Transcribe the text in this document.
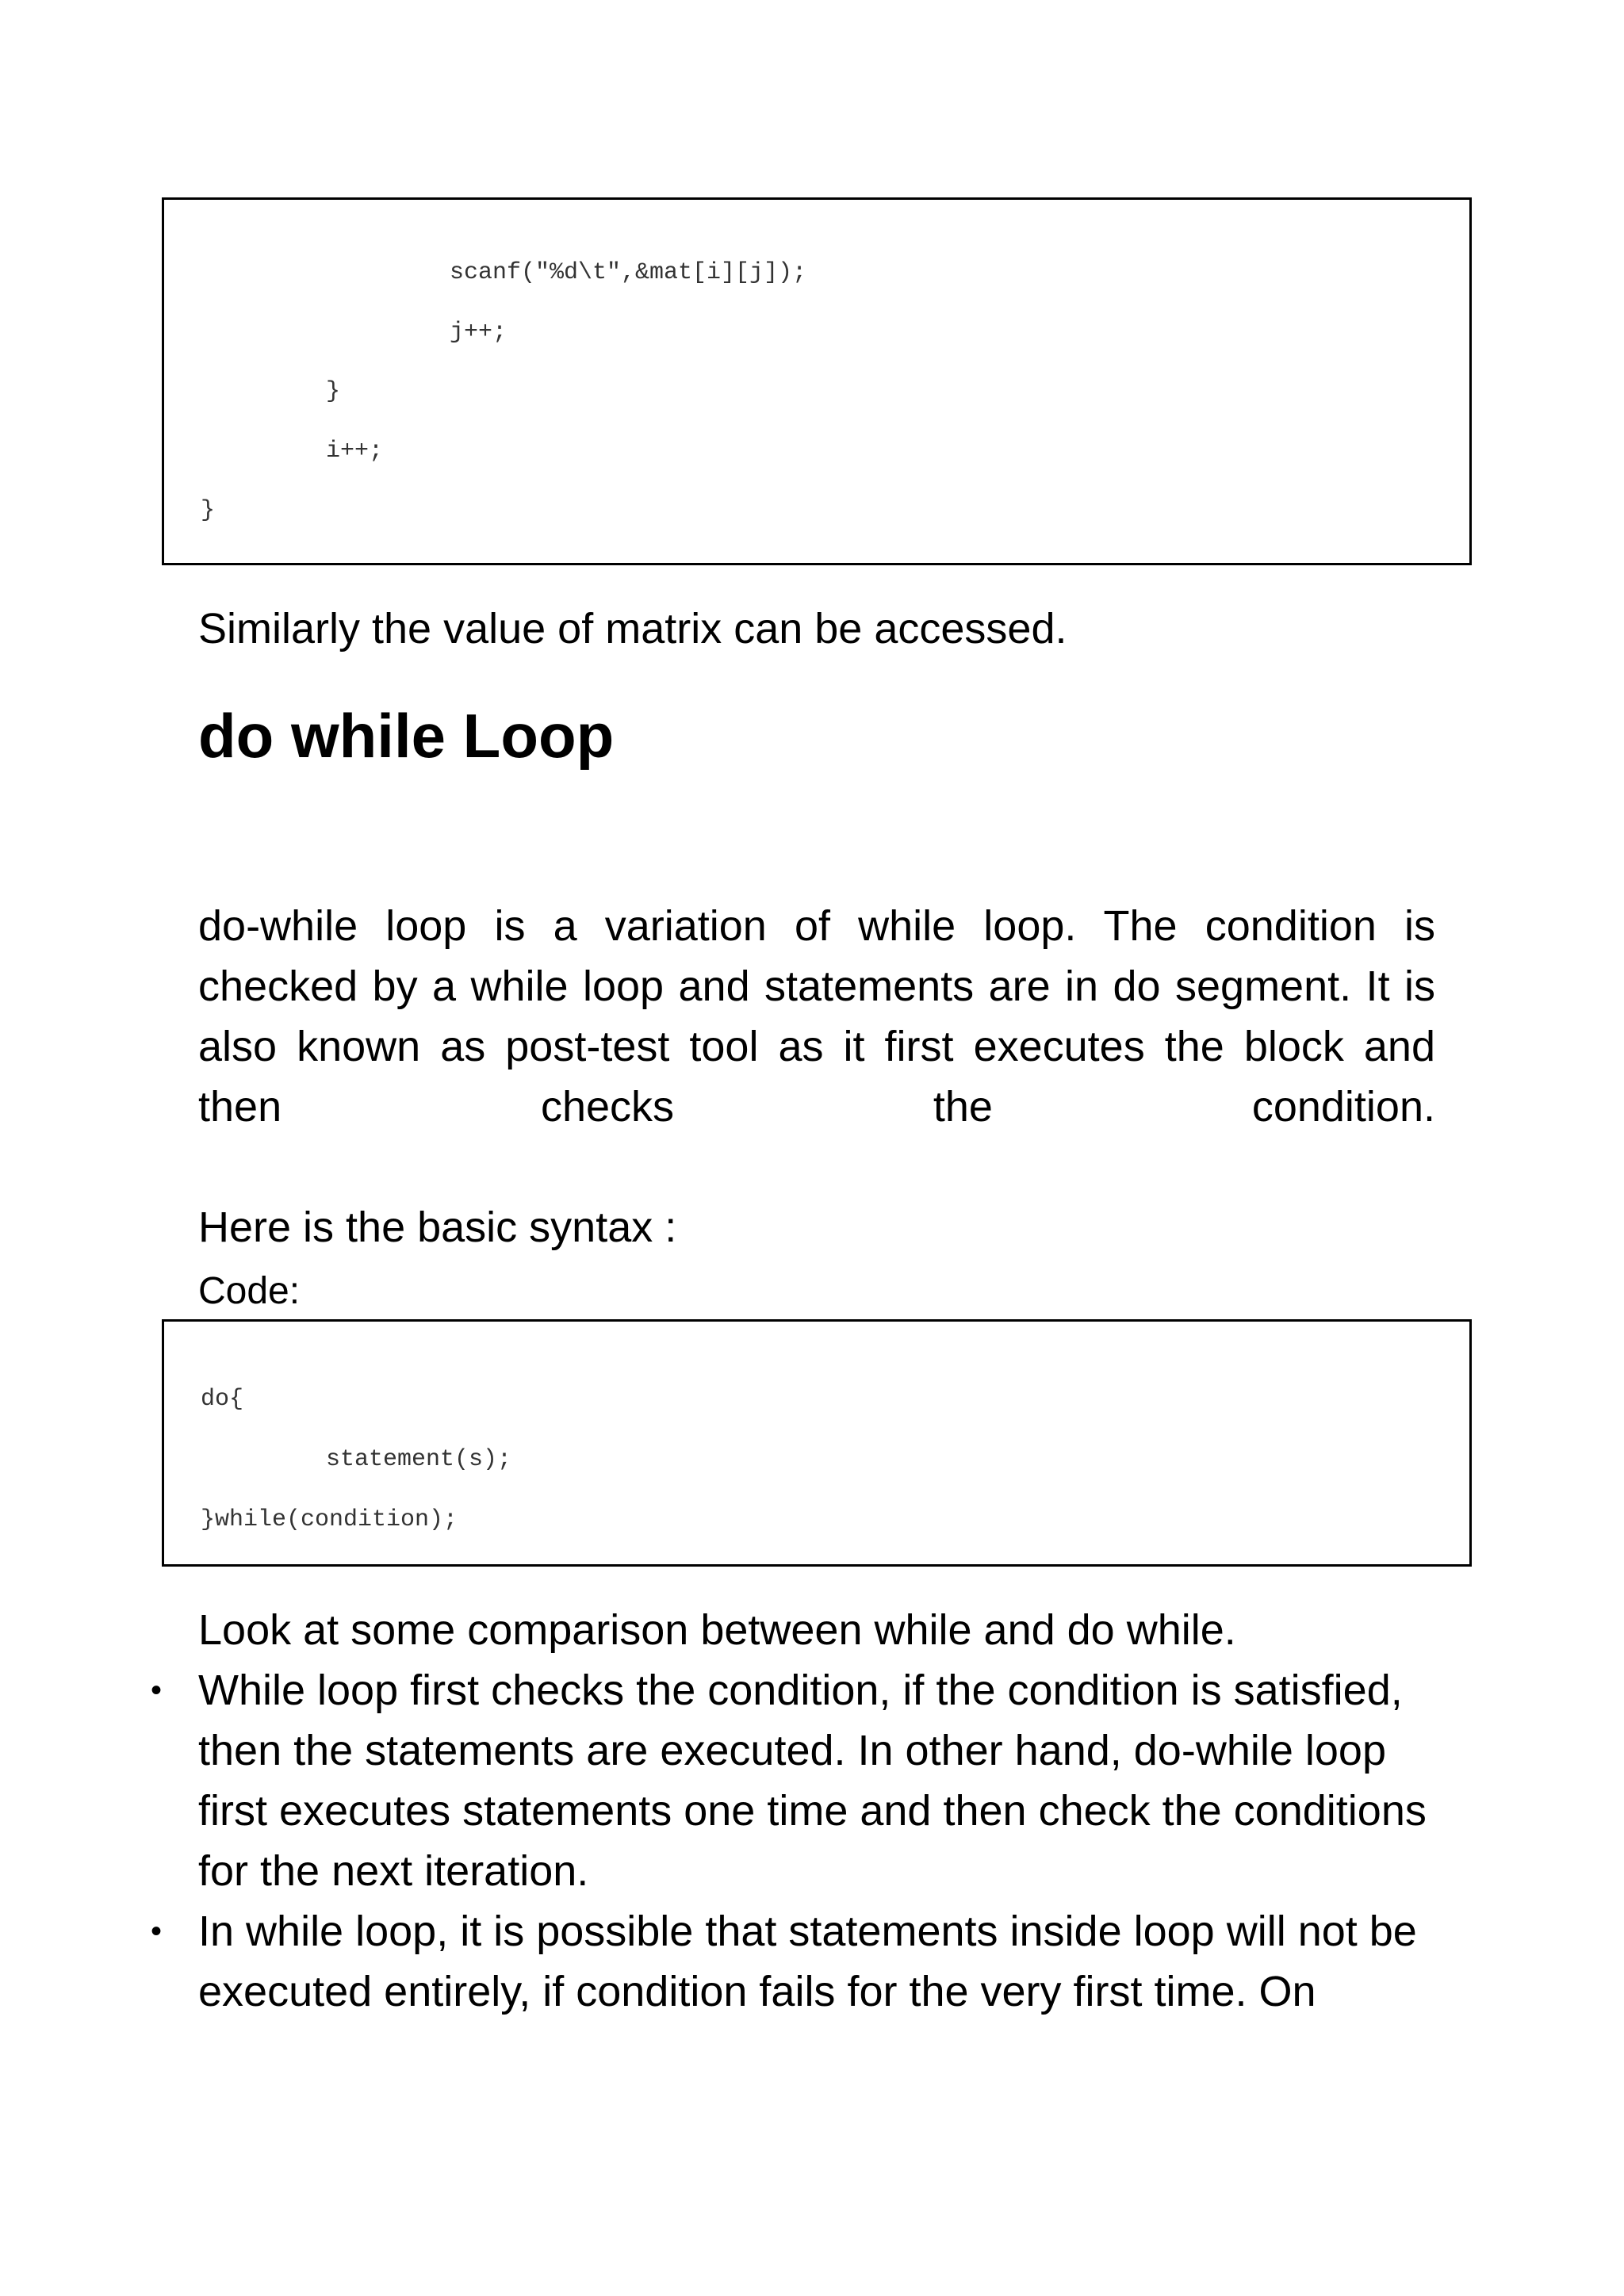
scanf("%d\t",&mat[i][j]);
j++;
}
i++;
}
Similarly the value of matrix can be accessed.
do while Loop
do-while loop is a variation of while loop. The condition is
checked by a while loop and statements are in do segment. It is
also known as post-test tool as it first executes the block and
then checks the condition.
Here is the basic syntax :
Code:
do{
statement(s);
}while(condition);
Look at some comparison between while and do while.
• While loop first checks the condition, if the condition is satisfied, then the statements are executed. In other hand, do-while loop first executes statements one time and then check the conditions for the next iteration.
• In while loop, it is possible that statements inside loop will not be executed entirely, if condition fails for the very first time. On
